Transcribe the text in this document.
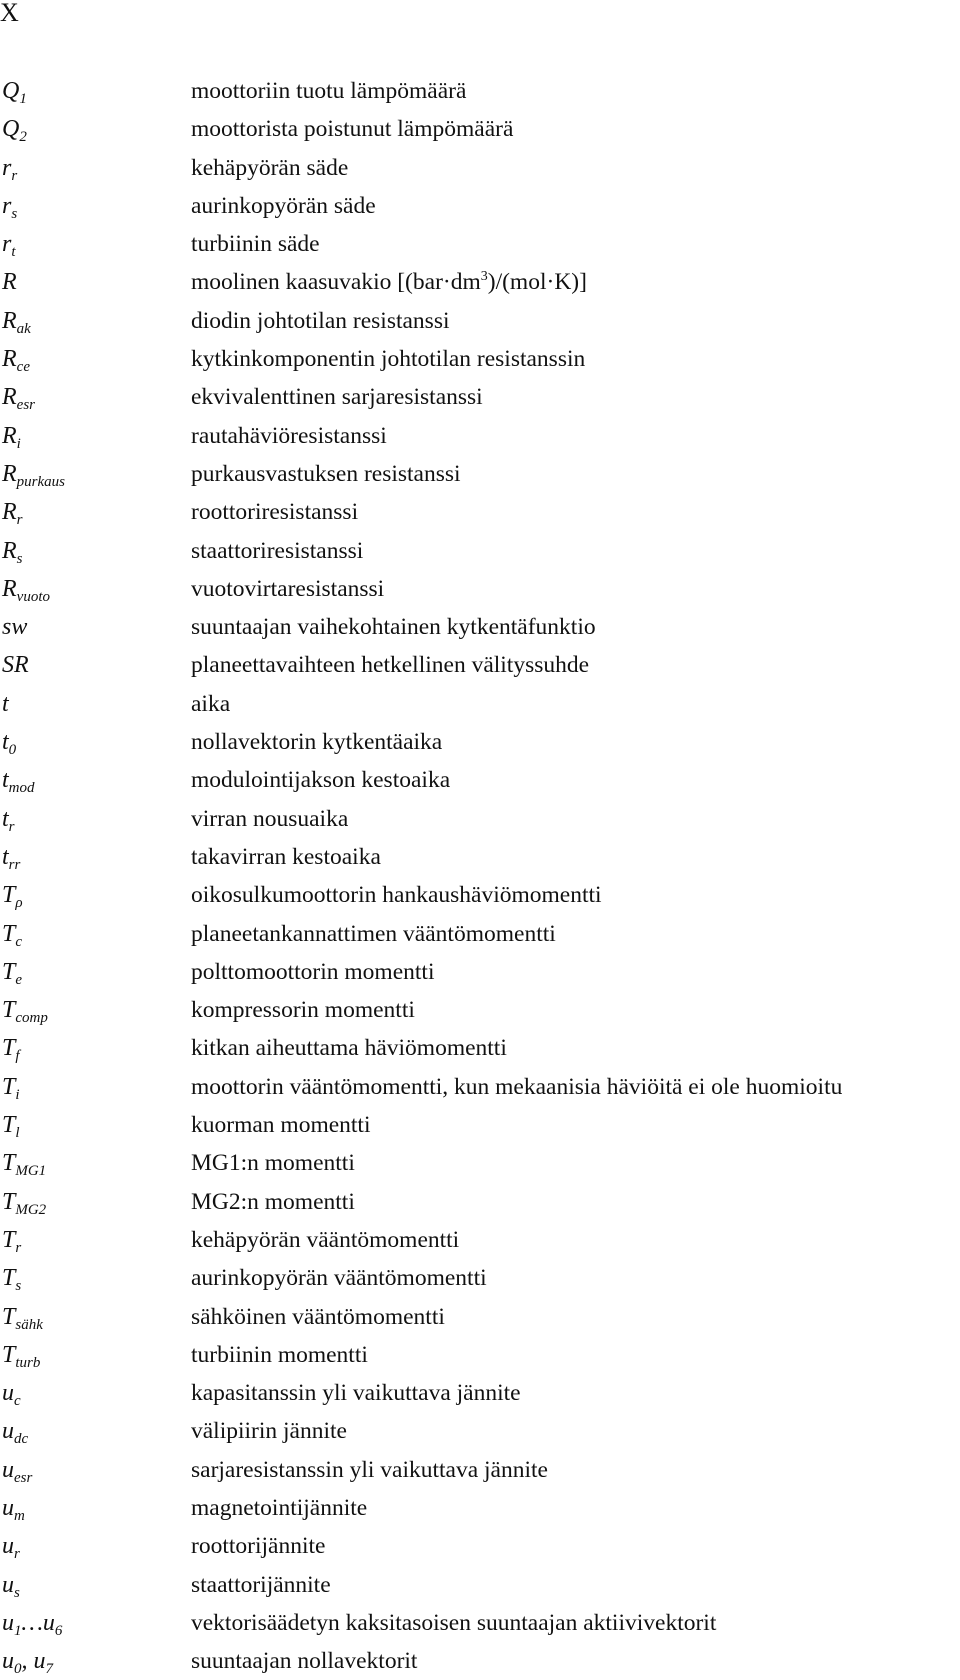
X
$Q_1$	moottoriin tuotu lämpömäärä
$Q_2$	moottorista poistunut lämpömäärä
$r_r$	kehäpyörän säde
$r_s$	aurinkopyörän säde
$r_t$	turbiinin säde
R	moolinen kaasuvakio $[(bar\cdot dm^3)/(mol\cdot K)]$
$R_{ak}$	diodin johtotilan resistanssi
$R_{ce}$	kytkinkomponentin johtotilan resistanssin
$R_{esr}$	ekvivalenttinen sarjaresistanssi
$R_i$	rautahäviöresistanssi
$R_{purkaus}$	purkausvastuksen resistanssi
$R_r$	roottoriresistanssi
$R_s$	staattoriresistanssi
$R_{vuoto}$	vuotovirtaresistanssi
sw	suuntaajan vaihekohtainen kytkentäfunktio
SR	planeettavaihteen hetkellinen välityssuhde
t	aika
$t_0$	nollavektorin kytkentäaika
$t_{mod}$	modulointijakson kestoaika
$t_r$	virran nousuaika
$t_{rr}$	takavirran kestoaika
$T_\rho$	oikosulkumoottorin hankaushäviömomentti
$T_c$	planeetankannattimen vääntömomentti
$T_e$	polttomoottorin momentti
$T_{comp}$	kompressorin momentti
$T_f$	kitkan aiheuttama häviömomentti
$T_i$	moottorin vääntömomentti, kun mekaanisia häviöitä ei ole huomioitu
$T_l$	kuorman momentti
$T_{MG1}$	MG1:n momentti
$T_{MG2}$	MG2:n momentti
$T_r$	kehäpyörän vääntömomentti
$T_s$	aurinkopyörän vääntömomentti
$T_{sähk}$	sähköinen vääntömomentti
$T_{turb}$	turbiinin momentti
$u_c$	kapasitanssin yli vaikuttava jännite
$u_{dc}$	välipiirin jännite
$u_{esr}$	sarjaresistanssin yli vaikuttava jännite
$u_m$	magnetointijännite
$u_r$	roottorijännite
$u_s$	staattorijännite
$u_1\dots u_6$	vektorisäädetyn kaksitasoisen suuntaajan aktiivivektorit
$u_0$, $u_7$	suuntaajan nollavektorit
